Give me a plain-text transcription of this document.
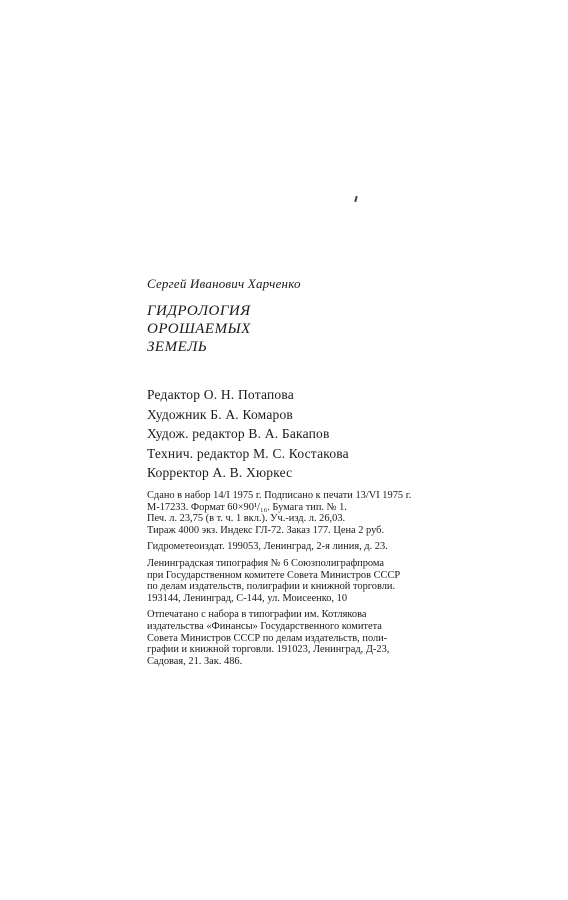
Сергей Иванович Харченко
ГИДРОЛОГИЯ
ОРОШАЕМЫХ
ЗЕМЕЛЬ
Редактор О. Н. Потапова
Художник Б. А. Комаров
Худож. редактор В. А. Бакапов
Технич. редактор М. С. Костакова
Корректор А. В. Хюркес
Сдано в набор 14/I 1975 г. Подписано к печати 13/VI 1975 г.
М-17233. Формат 60×90¹/₁₆. Бумага тип. № 1.
Печ. л. 23,75 (в т. ч. 1 вкл.). Уч.-изд. л. 26,03.
Тираж 4000 экз. Индекс ГЛ-72. Заказ 177. Цена 2 руб.
Гидрометеоиздат. 199053, Ленинград, 2-я линия, д. 23.
Ленинградская типография № 6 Союзполиграфпрома
при Государственном комитете Совета Министров СССР
по делам издательств, полиграфии и книжной торговли.
193144, Ленинград, С-144, ул. Моисеенко, 10
Отпечатано с набора в типографии им. Котлякова
издательства «Финансы» Государственного комитета
Совета Министров СССР по делам издательств, поли-
графии и книжной торговли. 191023, Ленинград, Д-23,
Садовая, 21. Зак. 486.
